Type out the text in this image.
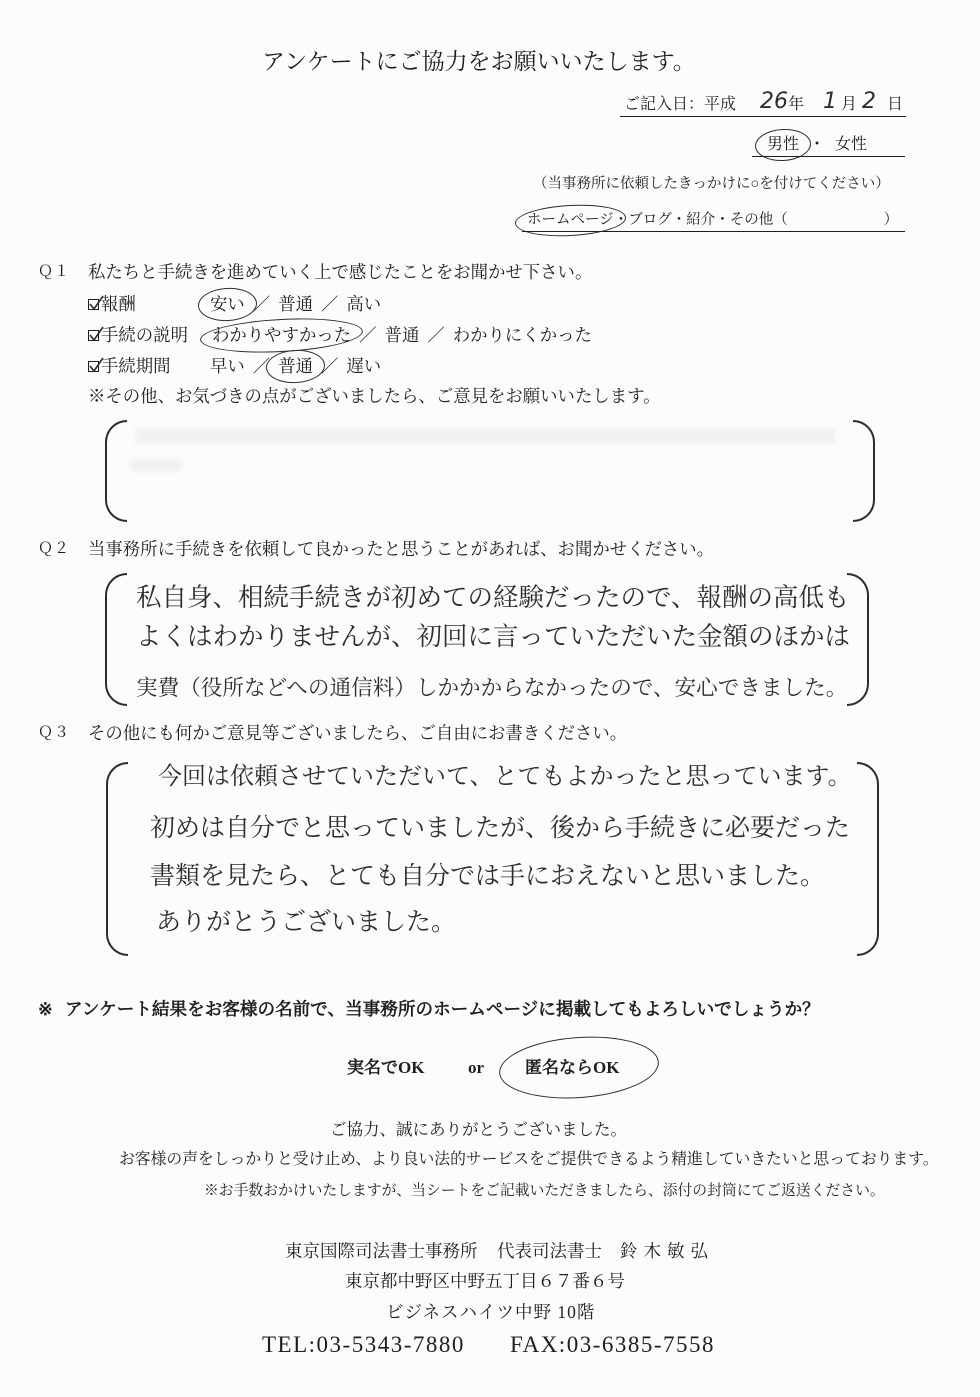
アンケートにご協力をお願いいたします。
ご記入日：平成 26 年 1 月 2 日
男性 ・ 女性
（当事務所に依頼したきっかけに○を付けてください）
ホームページ ・ ブログ ・ 紹介 ・ その他 （	）
Ｑ１ 私たちと手続きを進めていく上で感じたことをお聞かせ下さい。
報酬	安い ／ 普通 ／ 高い
手続の説明 わかりやすかった ／ 普通 ／ わかりにくかった
手続期間 早い ／ 普通 ／ 遅い
※その他、お気づきの点がございましたら、ご意見をお願いいたします。
Ｑ２ 当事務所に手続きを依頼して良かったと思うことがあれば、お聞かせください。
私自身、相続手続きが初めての経験だったので、報酬の高低も
よくはわかりませんが、初回に言っていただいた金額のほかは
実費（役所などへの通信料）しかかからなかったので、安心できました。
Ｑ３ その他にも何かご意見等ございましたら、ご自由にお書きください。
今回は依頼させていただいて、とてもよかったと思っています。
初めは自分でと思っていましたが、後から手続きに必要だった
書類を見たら、とても自分では手におえないと思いました。
ありがとうございました。
※ アンケート結果をお客様の名前で、当事務所のホームページに掲載してもよろしいでしょうか？
実名でOK	or 匿名ならOK
ご協力、誠にありがとうございました。
お客様の声をしっかりと受け止め、より良い法的サービスをご提供できるよう精進していきたいと思っております。
※お手数おかけいたしますが、当シートをご記載いただきましたら、添付の封筒にてご返送ください。
東京国際司法書士事務所 代表司法書士 鈴木敏弘
東京都中野区中野五丁目６７番６号
ビジネスハイツ中野 10階
TEL:03-5343-7880 FAX:03-6385-7558
